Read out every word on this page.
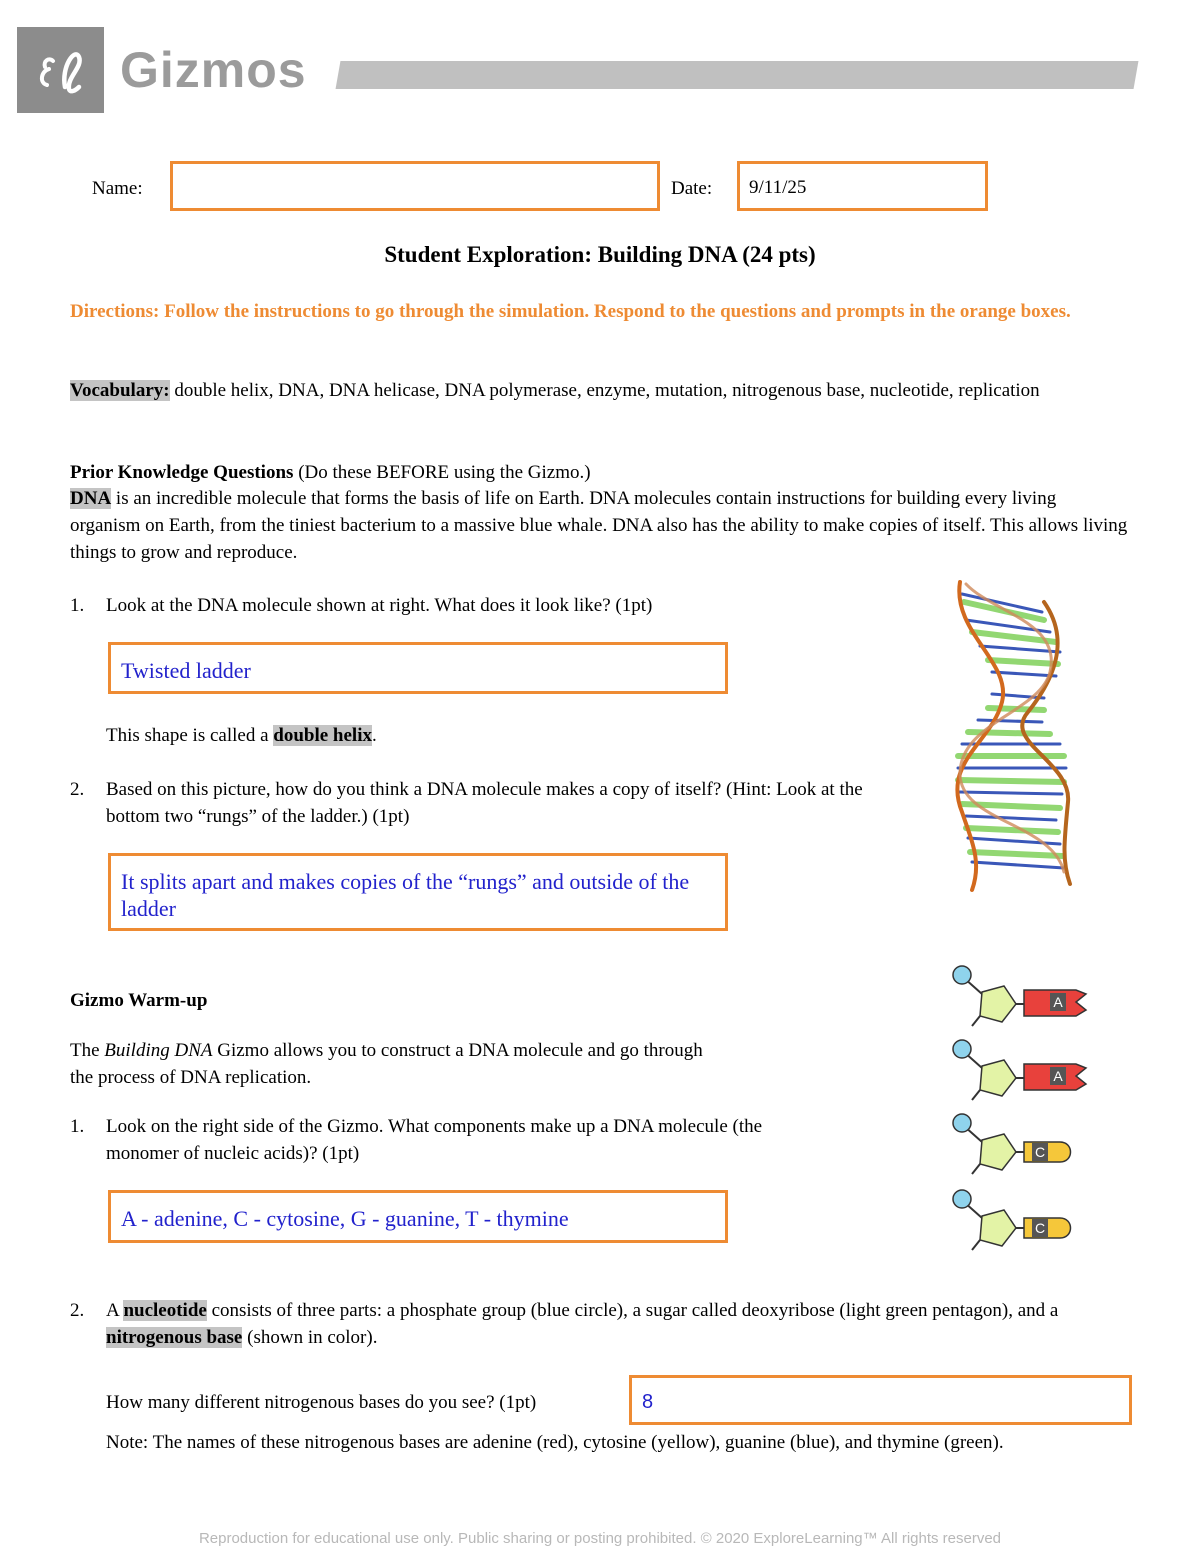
Gizmos
Name:	Date: 9/11/25
Student Exploration: Building DNA (24 pts)
Directions: Follow the instructions to go through the simulation. Respond to the questions and prompts in the orange boxes.
Vocabulary: double helix, DNA, DNA helicase, DNA polymerase, enzyme, mutation, nitrogenous base, nucleotide, replication
Prior Knowledge Questions (Do these BEFORE using the Gizmo.)
DNA is an incredible molecule that forms the basis of life on Earth. DNA molecules contain instructions for building every living organism on Earth, from the tiniest bacterium to a massive blue whale. DNA also has the ability to make copies of itself. This allows living things to grow and reproduce.
1. Look at the DNA molecule shown at right. What does it look like? (1pt)
Twisted ladder
This shape is called a double helix.
2. Based on this picture, how do you think a DNA molecule makes a copy of itself? (Hint: Look at the bottom two “rungs” of the ladder.) (1pt)
It splits apart and makes copies of the “rungs” and outside of the ladder
Gizmo Warm-up
The Building DNA Gizmo allows you to construct a DNA molecule and go through the process of DNA replication.
1. Look on the right side of the Gizmo. What components make up a DNA molecule (the monomer of nucleic acids)? (1pt)
A - adenine, C - cytosine, G - guanine, T - thymine
A
A
C
C
2. A nucleotide consists of three parts: a phosphate group (blue circle), a sugar called deoxyribose (light green pentagon), and a nitrogenous base (shown in color).
How many different nitrogenous bases do you see? (1pt)	8
Note: The names of these nitrogenous bases are adenine (red), cytosine (yellow), guanine (blue), and thymine (green).
Reproduction for educational use only. Public sharing or posting prohibited. © 2020 ExploreLearning™ All rights reserved
